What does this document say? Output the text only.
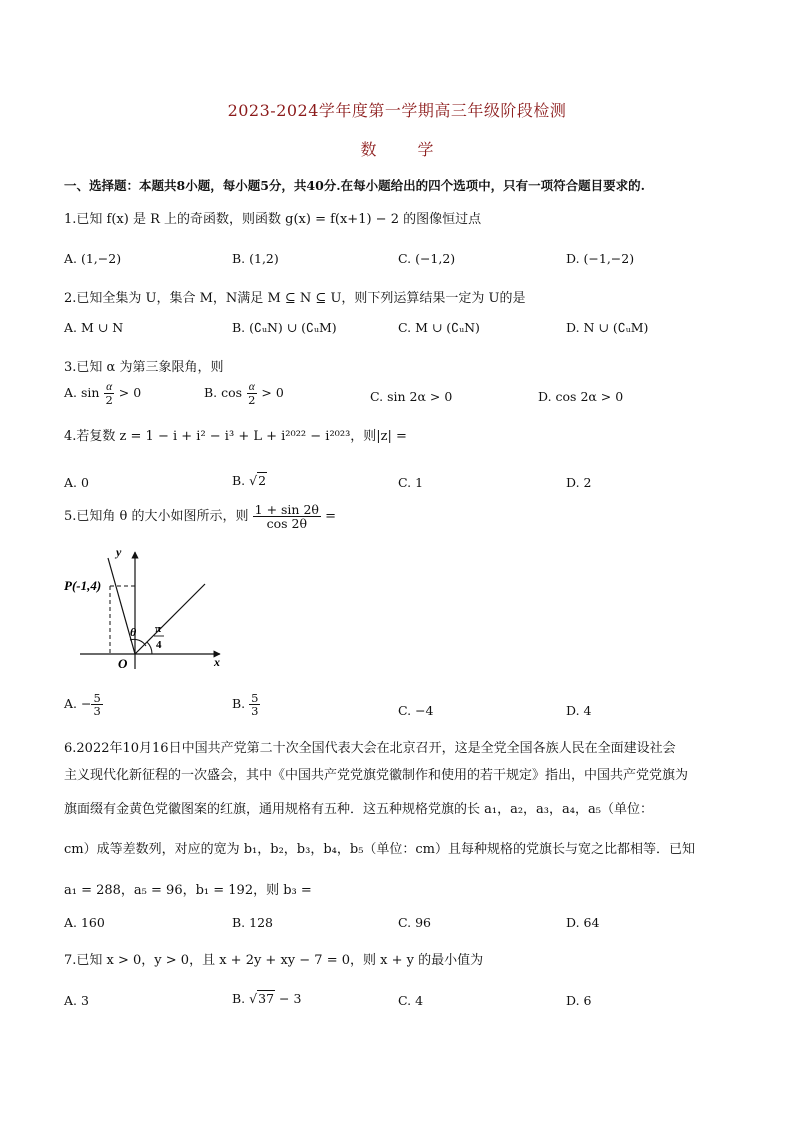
2023-2024学年度第一学期高三年级阶段检测
数	学
一、选择题：本题共8小题，每小题5分，共40分.在每小题给出的四个选项中，只有一项符合题目要求的.
1.已知 f(x) 是 R 上的奇函数，则函数 g(x) = f(x+1) − 2 的图像恒过点
A. (1,−2)	B. (1,2)	C. (−1,2)	D. (−1,−2)
2.已知全集为 U，集合 M，N满足 M ⊆ N ⊆ U，则下列运算结果一定为 U的是
A. M ∪ N	B. (∁ᵤN) ∪ (∁ᵤM)	C. M ∪ (∁ᵤN)	D. N ∪ (∁ᵤM)
3.已知 α 为第三象限角，则
A. $\sin \frac{\alpha}{2} > 0$	B. $\cos \frac{\alpha}{2} > 0$	C. sin 2α > 0	D. cos 2α > 0
4.若复数 z = 1 − i + i² − i³ + L + i²⁰²² − i²⁰²³，则|z| =
A. 0	B. √2	C. 1	D. 2
5.已知角 θ 的大小如图所示，则 $\frac{1 + \sin 2\theta}{\cos 2\theta}$ =
P(-1,4)
y
x
O
θ π
4
A. − $\frac{5}{3}$	B. $\frac{5}{3}$	C. −4	D. 4
6.2022年10月16日中国共产党第二十次全国代表大会在北京召开，这是全党全国各族人民在全面建设社会
主义现代化新征程的一次盛会，其中《中国共产党党旗党徽制作和使用的若干规定》指出，中国共产党党旗为
旗面缀有金黄色党徽图案的红旗，通用规格有五种．这五种规格党旗的长 a₁，a₂，a₃，a₄，a₅（单位：
cm）成等差数列，对应的宽为 b₁，b₂，b₃，b₄，b₅（单位：cm）且每种规格的党旗长与宽之比都相等．已知
a₁ = 288，a₅ = 96，b₁ = 192，则 b₃ =
A. 160	B. 128	C. 96	D. 64
7.已知 x > 0，y > 0，且 x + 2y + xy − 7 = 0，则 x + y 的最小值为
A. 3	B. √37 − 3	C. 4	D. 6
